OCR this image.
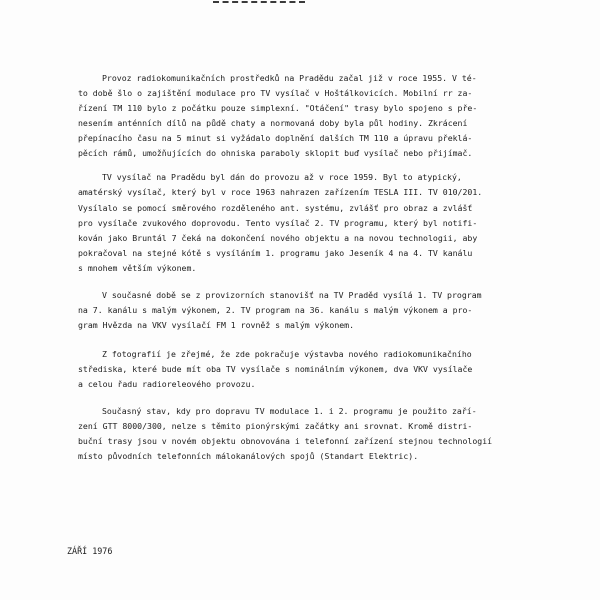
Provoz radiokomunikačních prostředků na Pradědu začal již v roce 1955. V té-
to době šlo o zajištění modulace pro TV vysílač v Hoštálkovicích. Mobilní rr za-
řízení TM 110 bylo z počátku pouze simplexní. "Otáčení" trasy bylo spojeno s pře-
nesením anténních dílů na půdě chaty a normovaná doby byla půl hodiny. Zkrácení
přepínacího času na 5 minut si vyžádalo doplnění dalších TM 110 a úpravu překlá-
pěcích rámů, umožňujících do ohniska paraboly sklopit buď vysílač nebo přijímač.
TV vysílač na Pradědu byl dán do provozu až v roce 1959. Byl to atypický,
amatérský vysílač, který byl v roce 1963 nahrazen zařízením TESLA III. TV 010/201.
Vysílalo se pomocí směrového rozděleného ant. systému, zvlášť pro obraz a zvlášť
pro vysílače zvukového doprovodu. Tento vysílač 2. TV programu, který byl notifi-
kován jako Bruntál 7 čeká na dokončení nového objektu a na novou technologii, aby
pokračoval na stejné kótě s vysíláním 1. programu jako Jeseník 4 na 4. TV kanálu
s mnohem větším výkonem.
V současné době se z provizorních stanovišť na TV Praděd vysílá 1. TV program
na 7. kanálu s malým výkonem, 2. TV program na 36. kanálu s malým výkonem a pro-
gram Hvězda na VKV vysílačí FM 1 rovněž s malým výkonem.
Z fotografií je zřejmé, že zde pokračuje výstavba nového radiokomunikačního
střediska, které bude mít oba TV vysílače s nominálním výkonem, dva VKV vysílače
a celou řadu radioreleového provozu.
Současný stav, kdy pro dopravu TV modulace 1. i 2. programu je použito zaří-
zení GTT 8000/300, nelze s těmito pionýrskými začátky ani srovnat. Kromě distri-
buční trasy jsou v novém objektu obnovována i telefonní zařízení stejnou technologií
místo původních telefonních málokanálových spojů (Standart Elektric).
ZÁŘÍ 1976
